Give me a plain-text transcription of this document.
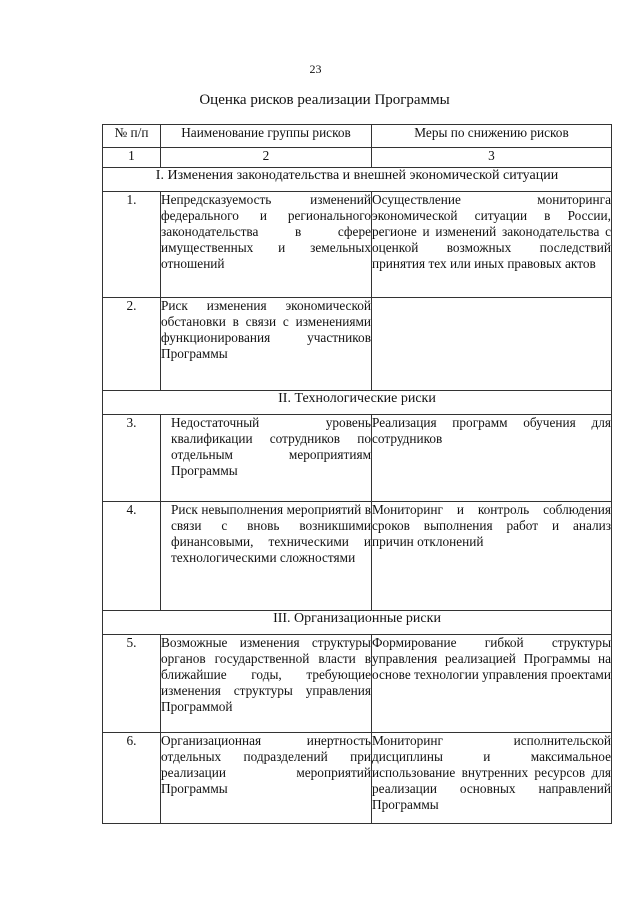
23
Оценка рисков реализации Программы
№ п/п	Наименование группы рисков	Меры по снижению рисков
1	2	3
I. Изменения законодательства и внешней экономической ситуации		
1.	Непредсказуемость изменений федерального и регионального законодательства в сфере имущественных и земельных отношений	Осуществление мониторинга экономической ситуации в России, регионе и изменений законодательства с оценкой возможных последствий принятия тех или иных правовых актов
2.	Риск изменения экономической обстановки в связи с изменениями функционирования участников Программы	
II. Технологические риски		
3.	Недостаточный уровень квалификации сотрудников по отдельным мероприятиям Программы	Реализация программ обучения для сотрудников
4.	Риск невыполнения мероприятий в связи с вновь возникшими финансовыми, техническими и технологическими сложностями	Мониторинг и контроль соблюдения сроков выполнения работ и анализ причин отклонений
III. Организационные риски		
5.	Возможные изменения структуры органов государственной власти в ближайшие годы, требующие изменения структуры управления Программой	Формирование гибкой структуры управления реализацией Программы на основе технологии управления проектами
6.	Организационная инертность отдельных подразделений при реализации мероприятий Программы	Мониторинг исполнительской дисциплины и максимальное использование внутренних ресурсов для реализации основных направлений Программы
